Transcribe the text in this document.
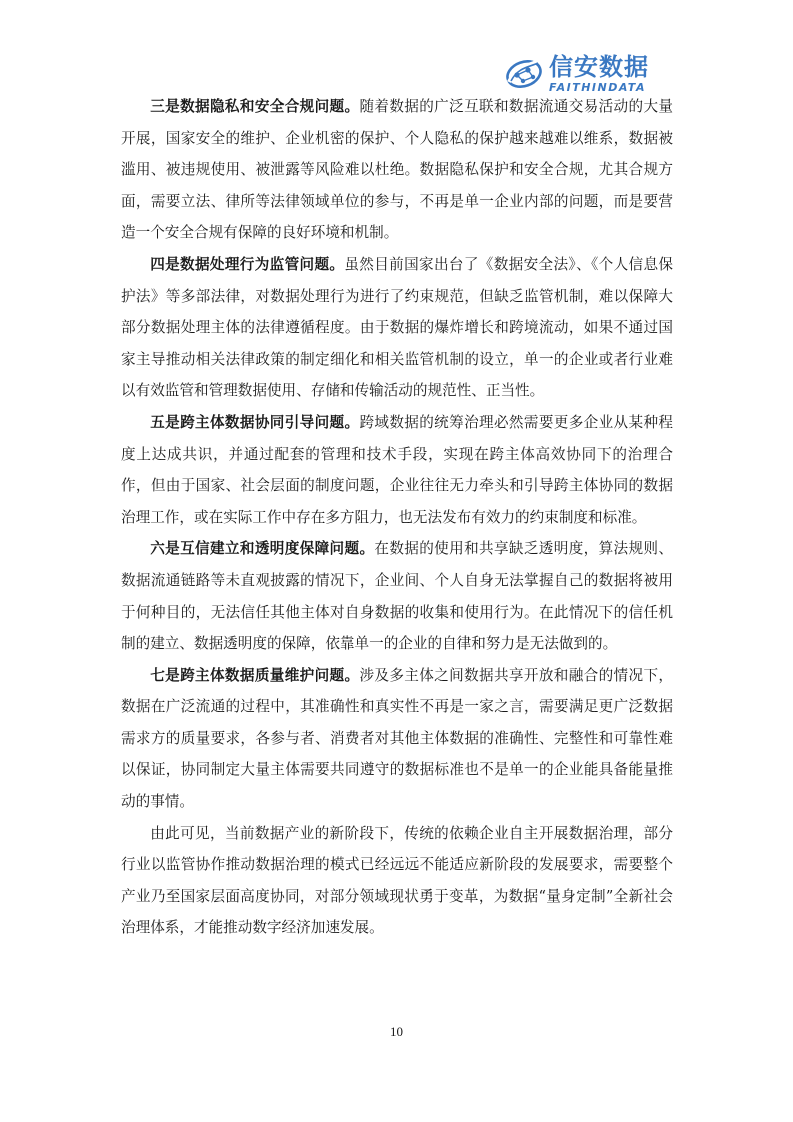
信安数据
FAITHINDATA

三是数据隐私和安全合规问题。随着数据的广泛互联和数据流通交易活动的大量开展，国家安全的维护、企业机密的保护、个人隐私的保护越来越难以维系，数据被滥用、被违规使用、被泄露等风险难以杜绝。数据隐私保护和安全合规，尤其合规方面，需要立法、律所等法律领域单位的参与，不再是单一企业内部的问题，而是要营造一个安全合规有保障的良好环境和机制。

四是数据处理行为监管问题。虽然目前国家出台了《数据安全法》、《个人信息保护法》等多部法律，对数据处理行为进行了约束规范，但缺乏监管机制，难以保障大部分数据处理主体的法律遵循程度。由于数据的爆炸增长和跨境流动，如果不通过国家主导推动相关法律政策的制定细化和相关监管机制的设立，单一的企业或者行业难以有效监管和管理数据使用、存储和传输活动的规范性、正当性。

五是跨主体数据协同引导问题。跨域数据的统筹治理必然需要更多企业从某种程度上达成共识，并通过配套的管理和技术手段，实现在跨主体高效协同下的治理合作，但由于国家、社会层面的制度问题，企业往往无力牵头和引导跨主体协同的数据治理工作，或在实际工作中存在多方阻力，也无法发布有效力的约束制度和标准。

六是互信建立和透明度保障问题。在数据的使用和共享缺乏透明度，算法规则、数据流通链路等未直观披露的情况下，企业间、个人自身无法掌握自己的数据将被用于何种目的，无法信任其他主体对自身数据的收集和使用行为。在此情况下的信任机制的建立、数据透明度的保障，依靠单一的企业的自律和努力是无法做到的。

七是跨主体数据质量维护问题。涉及多主体之间数据共享开放和融合的情况下，数据在广泛流通的过程中，其准确性和真实性不再是一家之言，需要满足更广泛数据需求方的质量要求，各参与者、消费者对其他主体数据的准确性、完整性和可靠性难以保证，协同制定大量主体需要共同遵守的数据标准也不是单一的企业能具备能量推动的事情。

由此可见，当前数据产业的新阶段下，传统的依赖企业自主开展数据治理，部分行业以监管协作推动数据治理的模式已经远远不能适应新阶段的发展要求，需要整个产业乃至国家层面高度协同，对部分领域现状勇于变革，为数据“量身定制”全新社会治理体系，才能推动数字经济加速发展。

10
